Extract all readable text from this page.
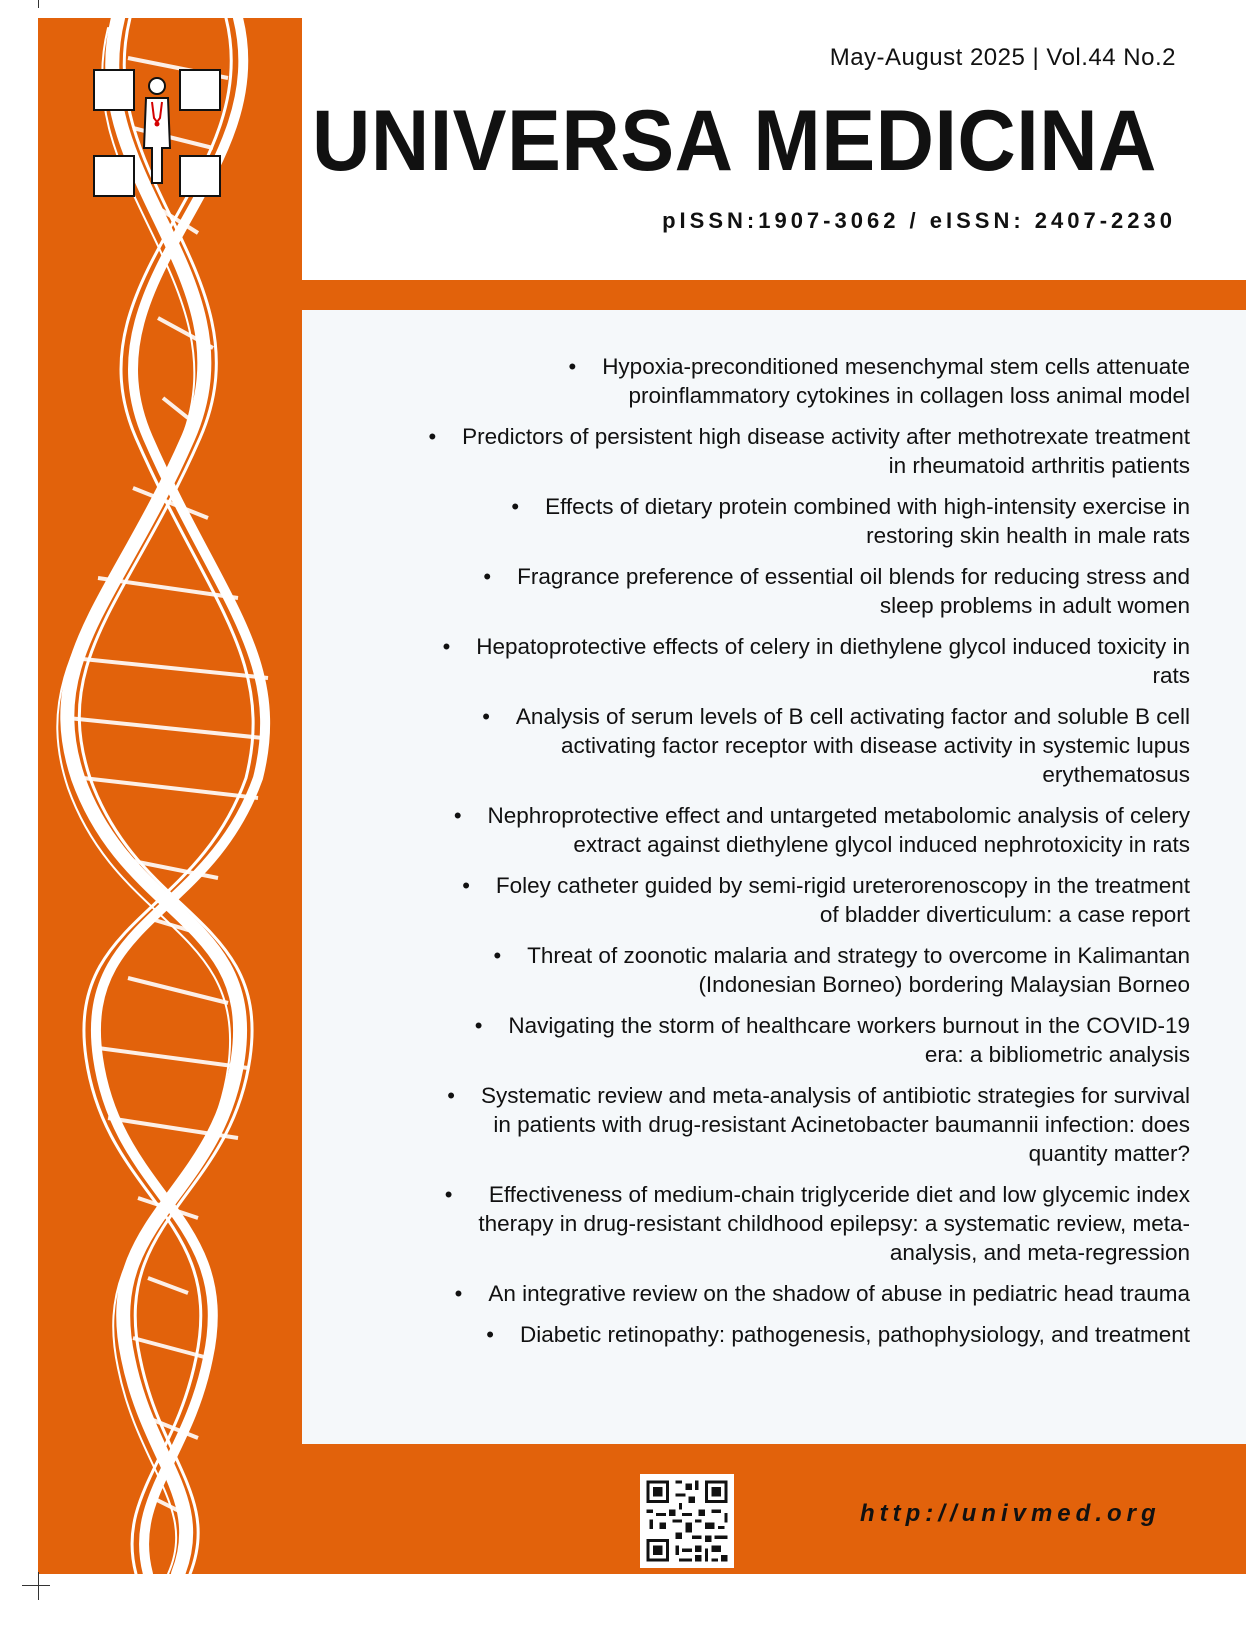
May-August 2025 | Vol.44 No.2
UNIVERSA MEDICINA
pISSN:1907-3062 / eISSN: 2407-2230
• Hypoxia-preconditioned mesenchymal stem cells attenuate
proinflammatory cytokines in collagen loss animal model
• Predictors of persistent high disease activity after methotrexate treatment
in rheumatoid arthritis patients
• Effects of dietary protein combined with high-intensity exercise in
restoring skin health in male rats
• Fragrance preference of essential oil blends for reducing stress and
sleep problems in adult women
• Hepatoprotective effects of celery in diethylene glycol induced toxicity in
rats
• Analysis of serum levels of B cell activating factor and soluble B cell
activating factor receptor with disease activity in systemic lupus
erythematosus
• Nephroprotective effect and untargeted metabolomic analysis of celery
extract against diethylene glycol induced nephrotoxicity in rats
• Foley catheter guided by semi-rigid ureterorenoscopy in the treatment
of bladder diverticulum: a case report
• Threat of zoonotic malaria and strategy to overcome in Kalimantan
(Indonesian Borneo) bordering Malaysian Borneo
• Navigating the storm of healthcare workers burnout in the COVID-19
era: a bibliometric analysis
• Systematic review and meta-analysis of antibiotic strategies for survival
in patients with drug-resistant Acinetobacter baumannii infection: does
quantity matter?
•	Effectiveness of medium-chain triglyceride diet and low glycemic index
therapy in drug-resistant childhood epilepsy: a systematic review, meta-
analysis, and meta-regression
• An integrative review on the shadow of abuse in pediatric head trauma
• Diabetic retinopathy: pathogenesis, pathophysiology, and treatment
http://univmed.org
